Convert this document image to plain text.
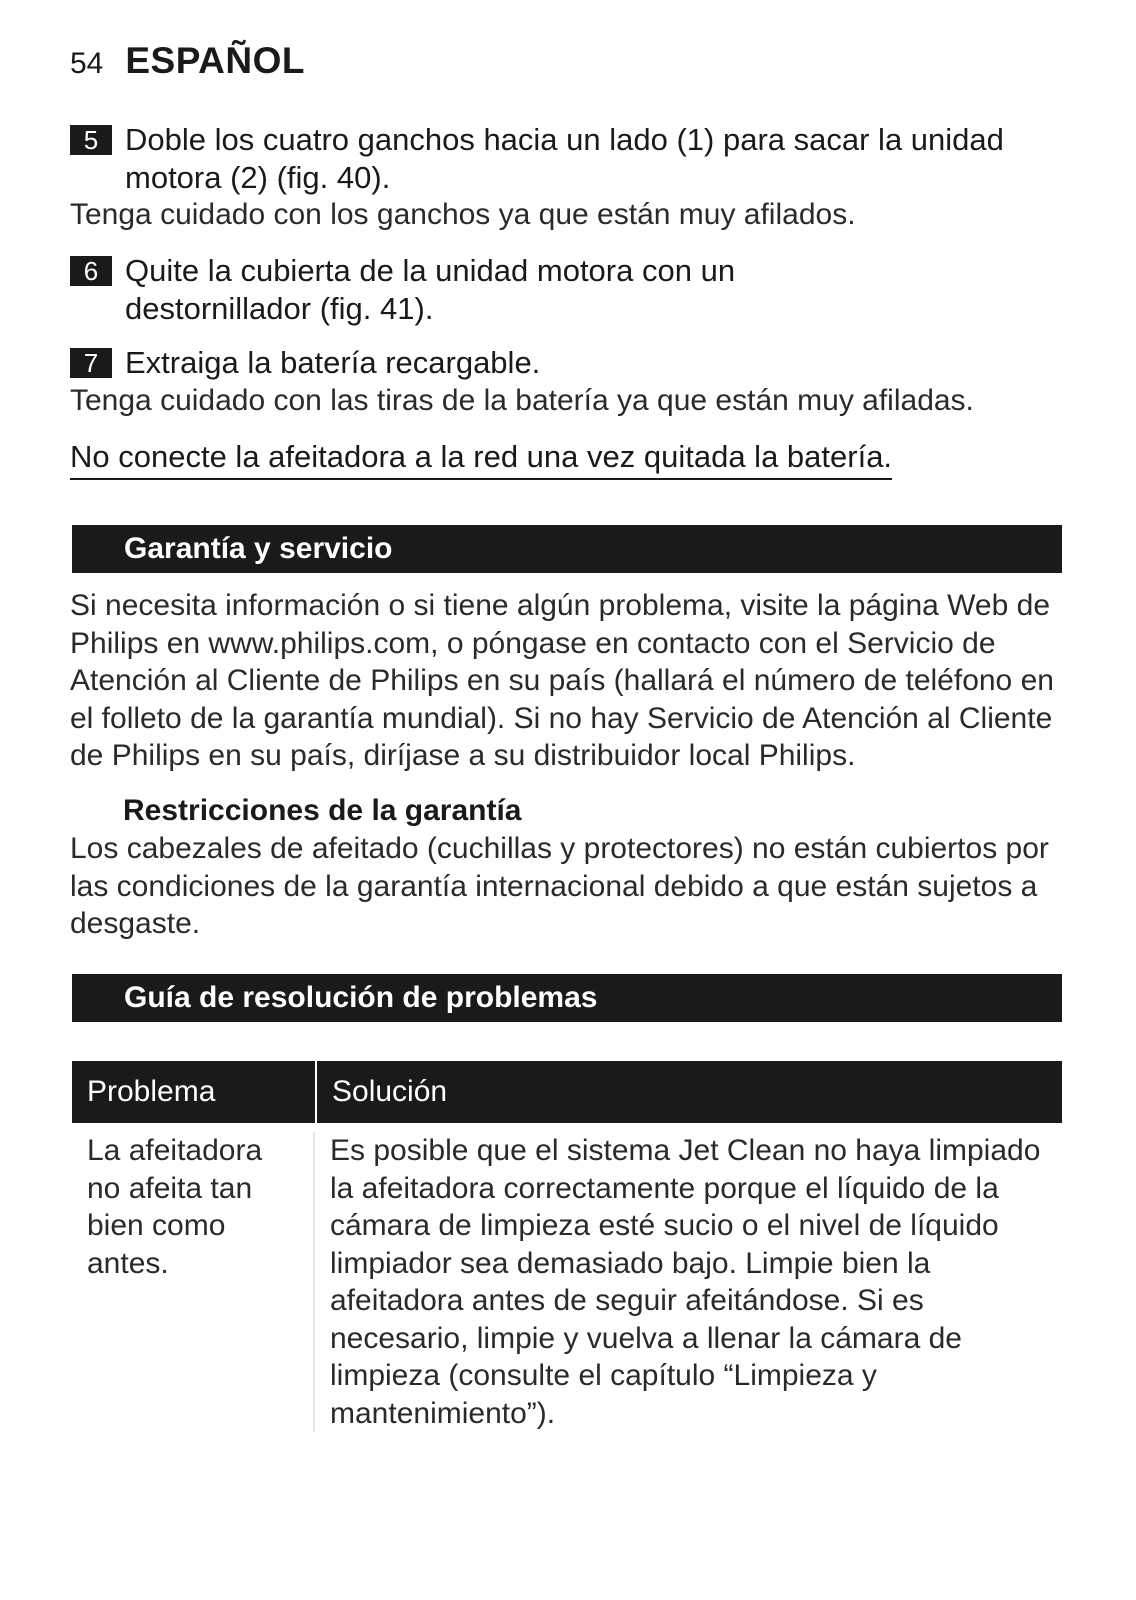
54 ESPAÑOL
5 Doble los cuatro ganchos hacia un lado (1) para sacar la unidad motora (2) (fig. 40).
Tenga cuidado con los ganchos ya que están muy afilados.
6 Quite la cubierta de la unidad motora con un destornillador (fig. 41).
7 Extraiga la batería recargable.
Tenga cuidado con las tiras de la batería ya que están muy afiladas.
No conecte la afeitadora a la red una vez quitada la batería.
Garantía y servicio
Si necesita información o si tiene algún problema, visite la página Web de Philips en www.philips.com, o póngase en contacto con el Servicio de Atención al Cliente de Philips en su país (hallará el número de teléfono en el folleto de la garantía mundial). Si no hay Servicio de Atención al Cliente de Philips en su país, diríjase a su distribuidor local Philips.
Restricciones de la garantía
Los cabezales de afeitado (cuchillas y protectores) no están cubiertos por las condiciones de la garantía internacional debido a que están sujetos a desgaste.
Guía de resolución de problemas
Problema	Solución
La afeitadora no afeita tan bien como antes.
Es posible que el sistema Jet Clean no haya limpiado la afeitadora correctamente porque el líquido de la cámara de limpieza esté sucio o el nivel de líquido limpiador sea demasiado bajo. Limpie bien la afeitadora antes de seguir afeitándose. Si es necesario, limpie y vuelva a llenar la cámara de limpieza (consulte el capítulo “Limpieza y mantenimiento”).
